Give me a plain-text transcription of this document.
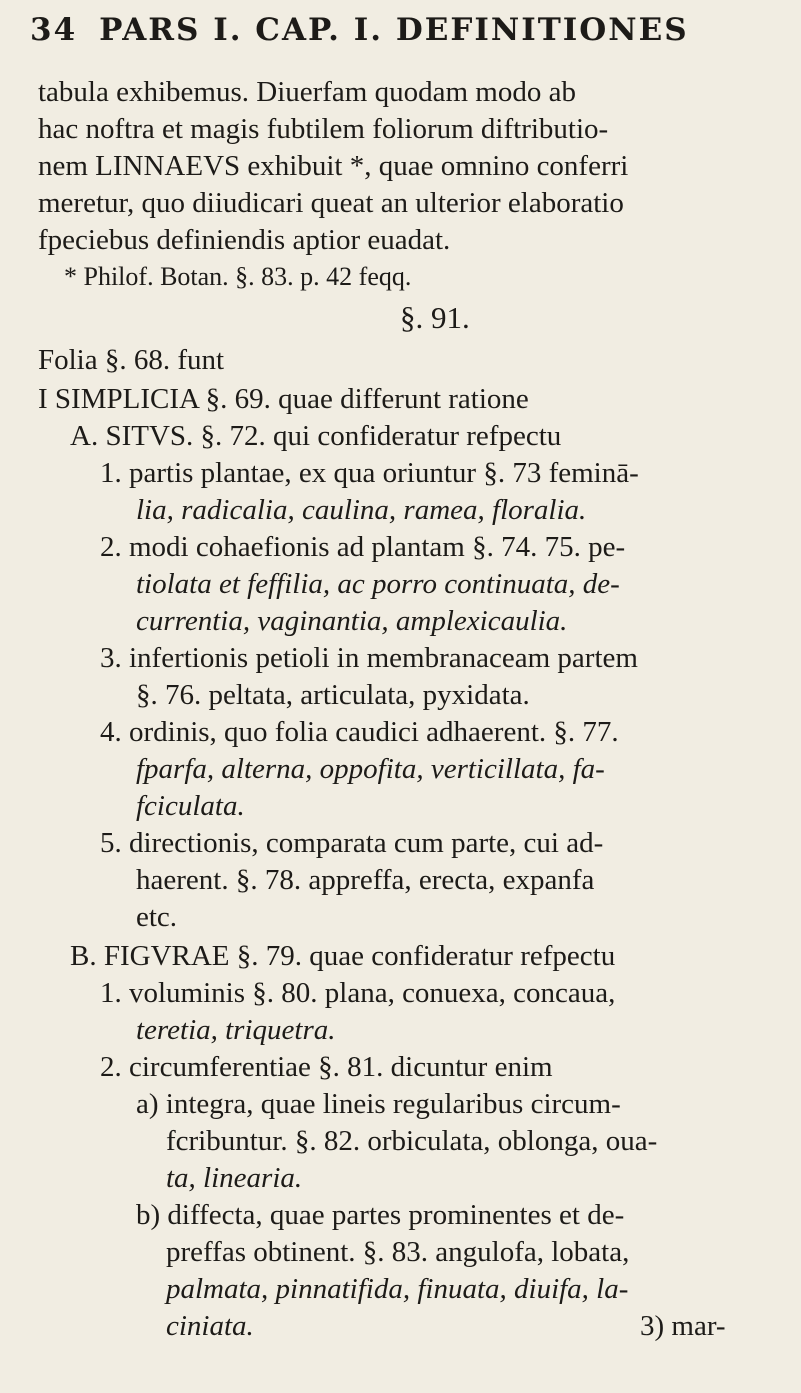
34 PARS I. CAP. I. DEFINITIONES
tabula exhibemus. Diuerfam quodam modo ab
hac noftra et magis fubtilem foliorum diftributio-
nem LINNAEVS exhibuit *, quae omnino conferri
meretur, quo diiudicari queat an ulterior elaboratio
fpeciebus definiendis aptior euadat.
* Philof. Botan. §. 83. p. 42 feqq.
§. 91.
Folia §. 68. funt
I SIMPLICIA §. 69. quae differunt ratione
A. SITVS. §. 72. qui confideratur refpectu
1. partis plantae, ex qua oriuntur §. 73 feminā-
lia, radicalia, caulina, ramea, floralia.
2. modi cohaefionis ad plantam §. 74. 75. pe-
tiolata et feffilia, ac porro continuata, de-
currentia, vaginantia, amplexicaulia.
3. infertionis petioli in membranaceam partem
§. 76. peltata, articulata, pyxidata.
4. ordinis, quo folia caudici adhaerent. §. 77.
fparfa, alterna, oppofita, verticillata, fa-
fciculata.
5. directionis, comparata cum parte, cui ad-
haerent. §. 78. appreffa, erecta, expanfa
etc.
B. FIGVRAE §. 79. quae confideratur refpectu
1. voluminis §. 80. plana, conuexa, concaua,
teretia, triquetra.
2. circumferentiae §. 81. dicuntur enim
a) integra, quae lineis regularibus circum-
fcribuntur. §. 82. orbiculata, oblonga, oua-
ta, linearia.
b) diffecta, quae partes prominentes et de-
preffas obtinent. §. 83. angulofa, lobata,
palmata, pinnatifida, finuata, diuifa, la-
ciniata.	3) mar-
